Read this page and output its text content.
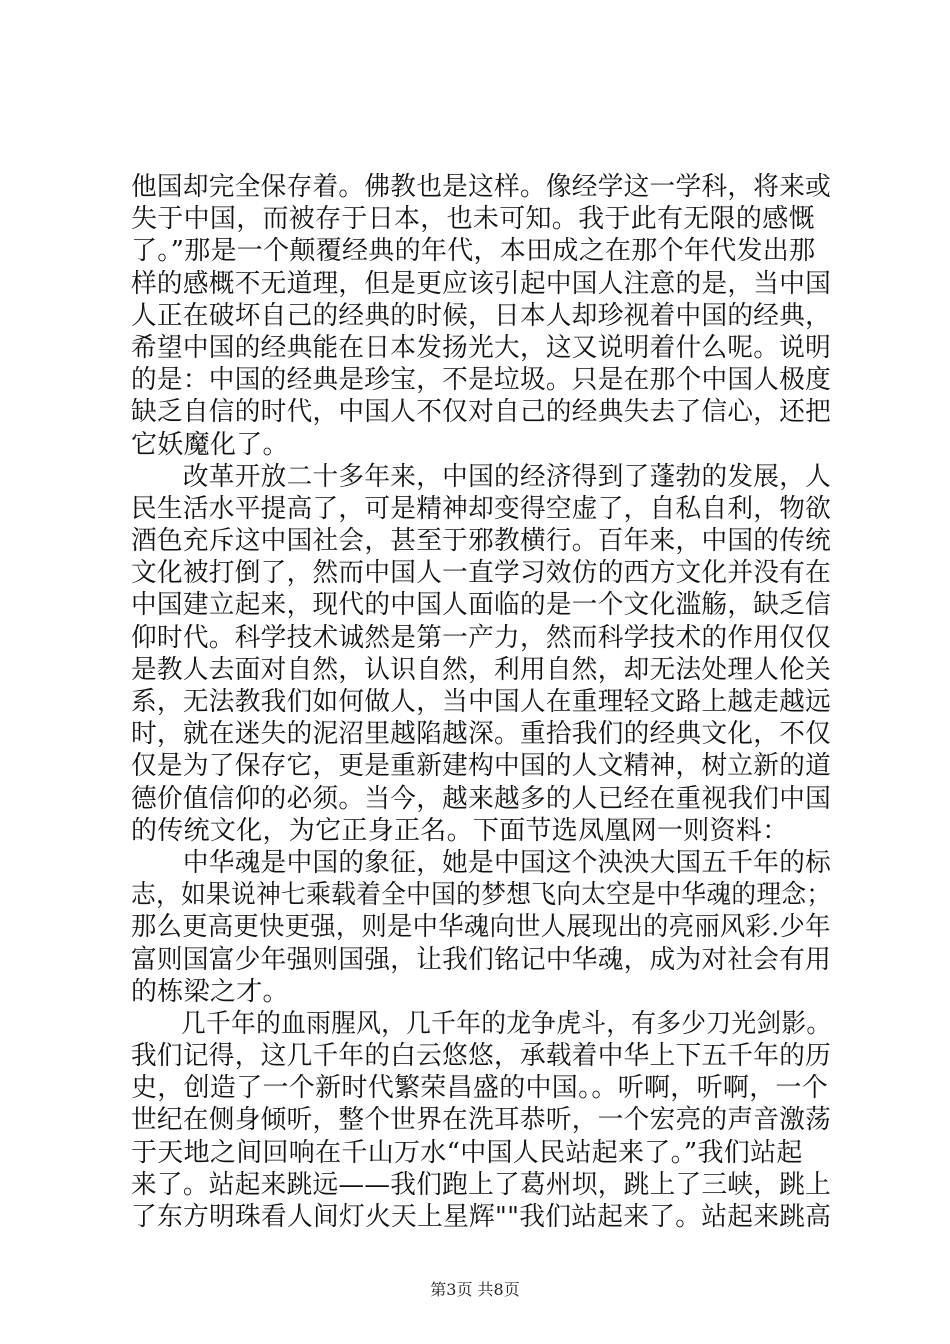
他国却完全保存着。佛教也是这样。像经学这一学科，将来或
失于中国，而被存于日本，也未可知。我于此有无限的感慨
了。”那是一个颠覆经典的年代，本田成之在那个年代发出那
样的感概不无道理，但是更应该引起中国人注意的是，当中国
人正在破坏自己的经典的时候，日本人却珍视着中国的经典，
希望中国的经典能在日本发扬光大，这又说明着什么呢。说明
的是：中国的经典是珍宝，不是垃圾。只是在那个中国人极度
缺乏自信的时代，中国人不仅对自己的经典失去了信心，还把
它妖魔化了。
　　改革开放二十多年来，中国的经济得到了蓬勃的发展，人
民生活水平提高了，可是精神却变得空虚了，自私自利，物欲
酒色充斥这中国社会，甚至于邪教横行。百年来，中国的传统
文化被打倒了，然而中国人一直学习效仿的西方文化并没有在
中国建立起来，现代的中国人面临的是一个文化滥觞，缺乏信
仰时代。科学技术诚然是第一产力，然而科学技术的作用仅仅
是教人去面对自然，认识自然，利用自然，却无法处理人伦关
系，无法教我们如何做人，当中国人在重理轻文路上越走越远
时，就在迷失的泥沼里越陷越深。重拾我们的经典文化，不仅
仅是为了保存它，更是重新建构中国的人文精神，树立新的道
德价值信仰的必须。当今，越来越多的人已经在重视我们中国
的传统文化，为它正身正名。下面节选凤凰网一则资料：
　　中华魂是中国的象征，她是中国这个泱泱大国五千年的标
志，如果说神七乘载着全中国的梦想飞向太空是中华魂的理念；
那么更高更快更强，则是中华魂向世人展现出的亮丽风彩.少年
富则国富少年强则国强，让我们铭记中华魂，成为对社会有用
的栋梁之才。
　　几千年的血雨腥风，几千年的龙争虎斗，有多少刀光剑影。
我们记得，这几千年的白云悠悠，承载着中华上下五千年的历
史，创造了一个新时代繁荣昌盛的中国。。听啊，听啊，一个
世纪在侧身倾听，整个世界在洗耳恭听，一个宏亮的声音激荡
于天地之间回响在千山万水“中国人民站起来了。”我们站起
来了。站起来跳远——我们跑上了葛州坝，跳上了三峡，跳上
了东方明珠看人间灯火天上星辉""我们站起来了。站起来跳高
第3页 共8页
